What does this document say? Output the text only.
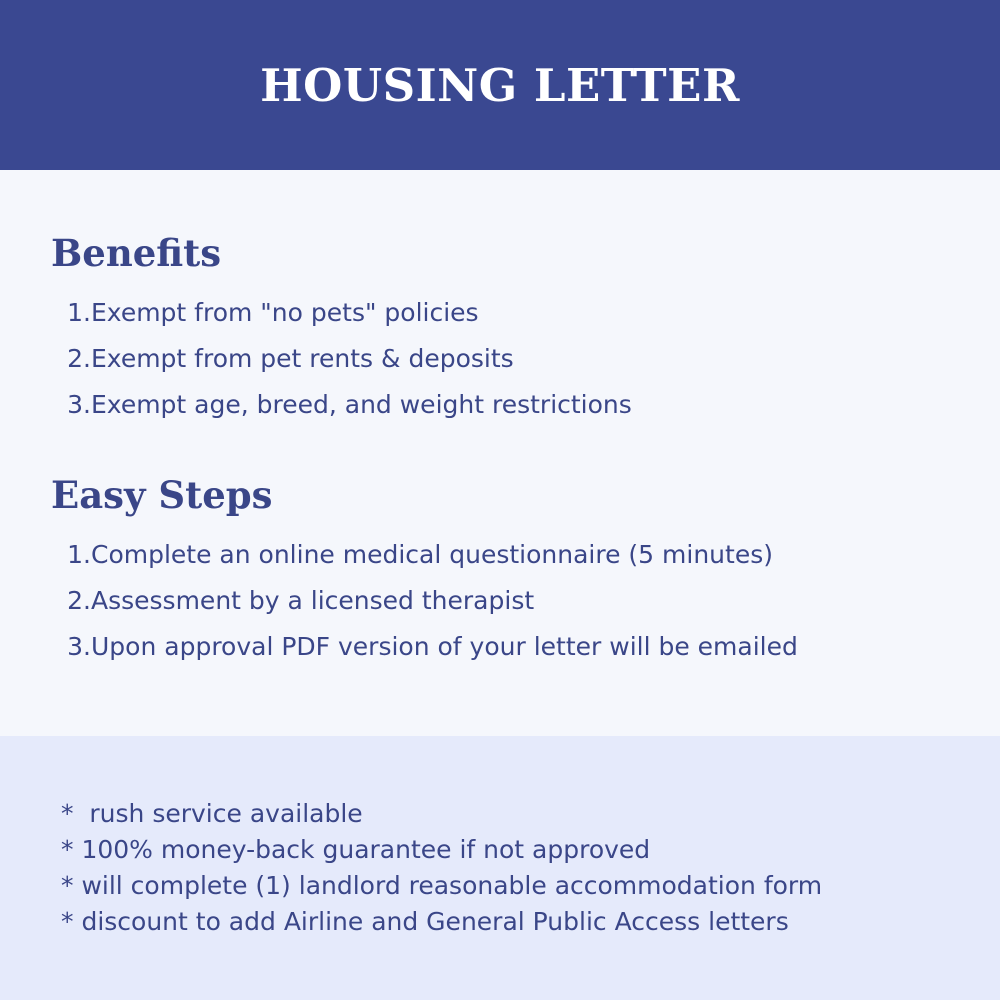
HOUSING LETTER
Benefits
1. Exempt from "no pets" policies
2. Exempt from pet rents & deposits
3. Exempt age, breed, and weight restrictions
Easy Steps
1. Complete an online medical questionnaire (5 minutes)
2. Assessment by a licensed therapist
3. Upon approval PDF version of your letter will be emailed
*  rush service available
* 100% money-back guarantee if not approved
* will complete (1) landlord reasonable accommodation form
* discount to add Airline and General Public Access letters
